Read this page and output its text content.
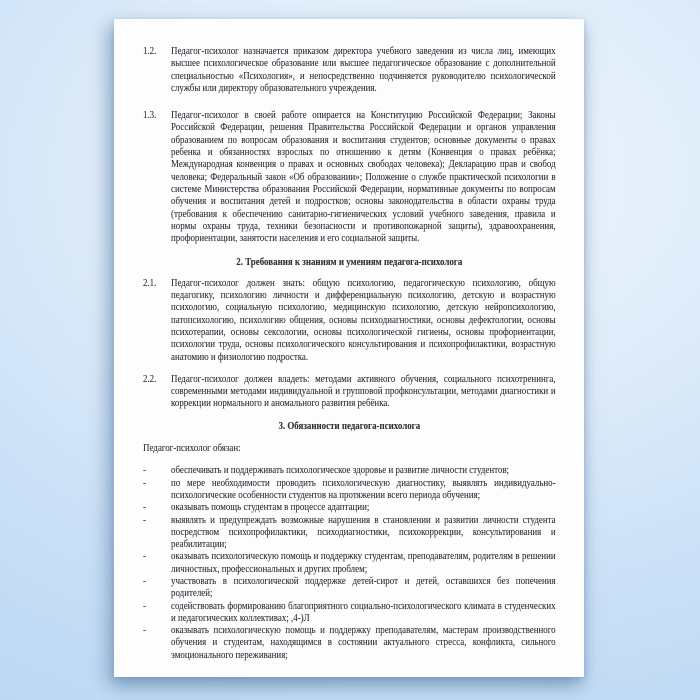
1.2.	Педагог-психолог назначается приказом директора учебного заведения из числа лиц, имеющих высшее психологическое образование или высшее педагогическое образование с дополнительной специальностью «Психология», и непосредственно подчиняется руководителю психологической службы или директору образовательного учреждения.
1.3.	Педагог-психолог в своей работе опирается на Конституцию Российской Федерации; Законы Российской Федерации, решения Правительства Российской Федерации и органов управления образованием по вопросам образования и воспитания студентов; основные документы о правах ребенка и обязанностях взрослых по отношению к детям (Конвенция о правах ребёнка; Международная конвенция о правах и основных свободах человека); Декларацию прав и свобод человека; Федеральный закон «Об образовании»; Положение о службе практической психологии в системе Министерства образования Российской Федерации, нормативные документы по вопросам обучения и воспитания детей и подростков; основы законодательства в области охраны труда (требования к обеспечению санитарно-гигиенических условий учебного заведения, правила и нормы охраны труда, техники безопасности и противопожарной защиты), здравоохранения, профориентации, занятости населения и его социальной защиты.
2. Требования к знаниям и умениям педагога-психолога
2.1.	Педагог-психолог должен знать: общую психологию, педагогическую психологию, общую педагогику, психологию личности и дифференциальную психологию, детскую и возрастную психологию, социальную психологию, медицинскую психологию, детскую нейропсихологию, патопсихологию, психологию общения, основы психодиагностики, основы дефектологии, основы психотерапии, основы сексологии, основы психологической гигиены, основы профориентации, психологии труда, основы психологического консультирования и психопрофилактики, возрастную анатомию и физиологию подростка.
2.2.	Педагог-психолог должен владеть: методами активного обучения, социального психотренинга, современными методами индивидуальной и групповой профконсультации, методами диагностики и коррекции нормального и аномального развития ребёнка.
3. Обязанности педагога-психолога
Педагог-психолог обязан:
-	обеспечивать и поддерживать психологическое здоровье и развитие личности студентов;
-	по мере необходимости проводить психологическую диагностику, выявлять индивидуально-психологические особенности студентов на протяжении всего периода обучения;
-	оказывать помощь студентам в процессе адаптации;
-	выявлять и предупреждать возможные нарушения в становлении и развитии личности студента посредством психопрофилактики, психодиагностики, психокоррекции, консультирования и реабилитации;
-	оказывать психологическую помощь и поддержку студентам, преподавателям, родителям в решении личностных, профессиональных и других проблем;
-	участвовать в психологической поддержке детей-сирот и детей, оставшихся без попечения родителей;
-	содействовать формированию благоприятного социально-психологического климата в студенческих и педагогических коллективах; ,4-)Л
-	оказывать психологическую помощь и поддержку преподавателям, мастерам производственного обучения и студентам, находящимся в состоянии актуального стресса, конфликта, сильного эмоционального переживания;
